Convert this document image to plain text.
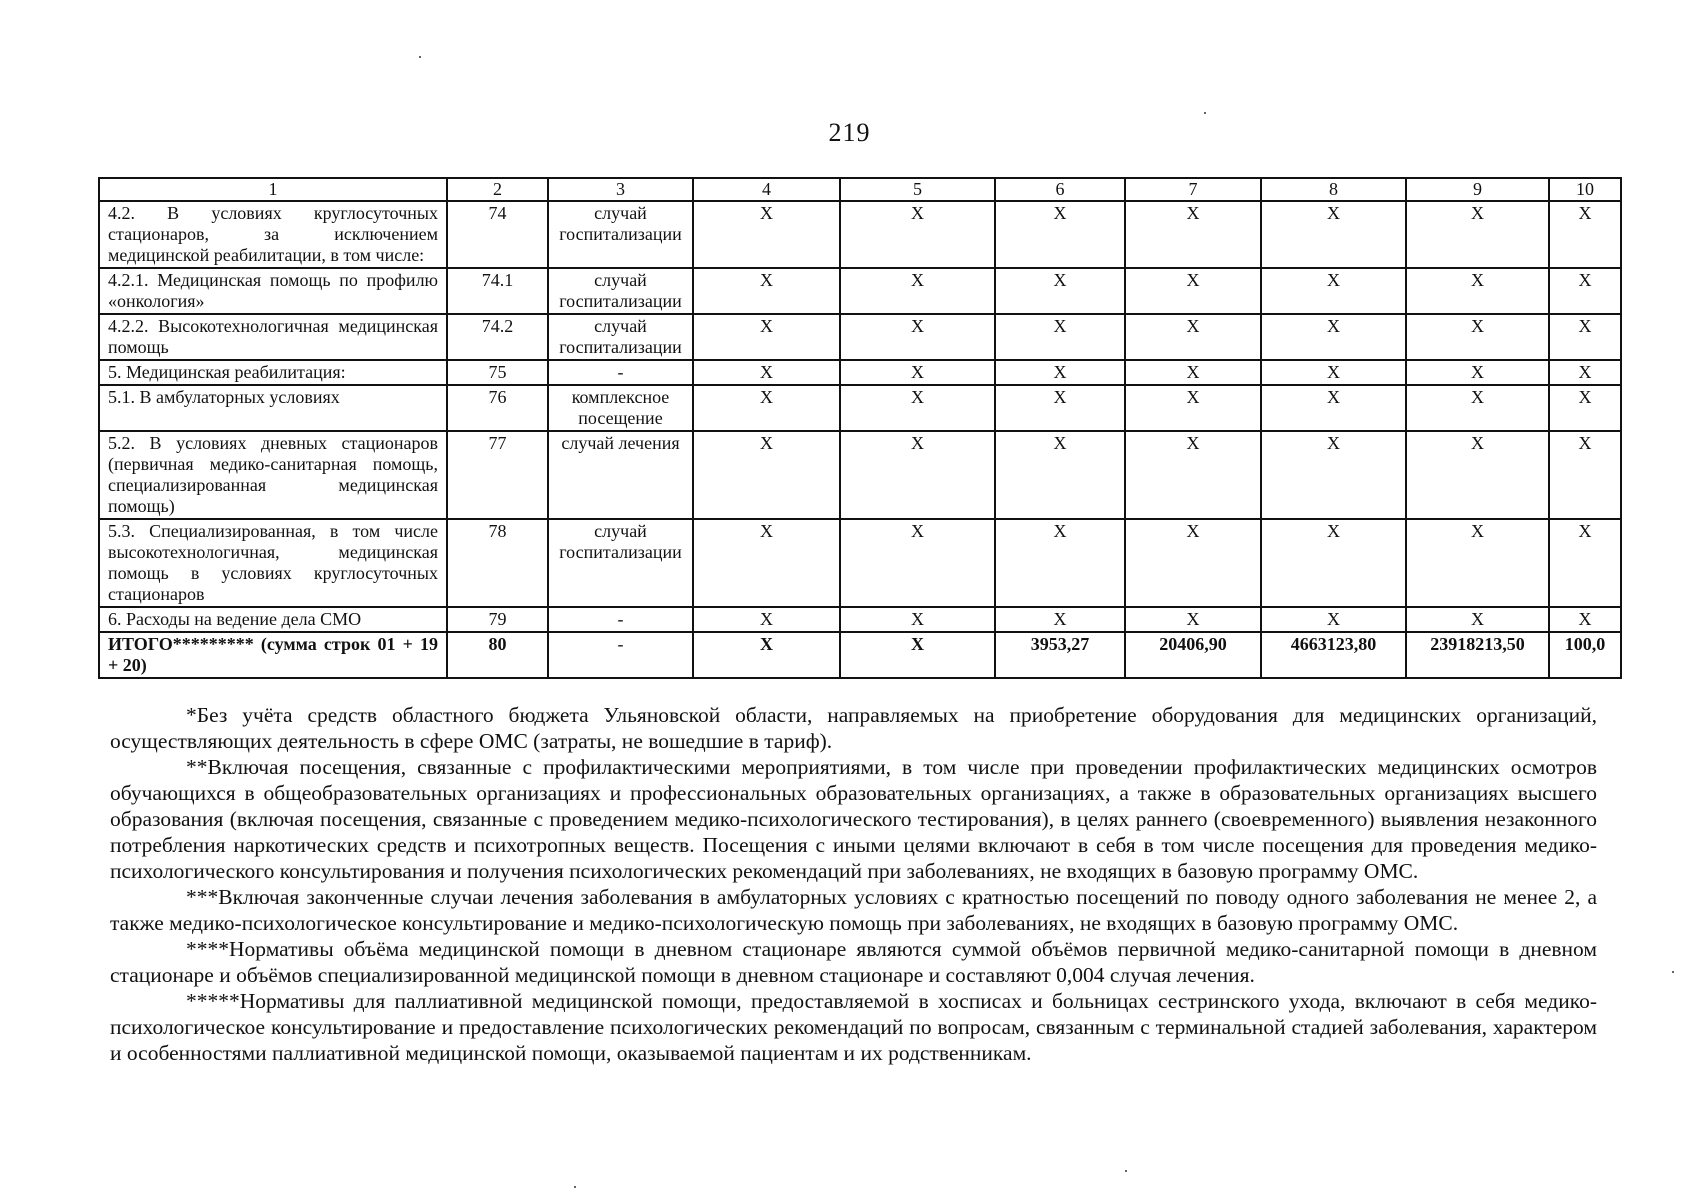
219
1	2	3	4	5	6	7	8	9	10
4.2. В условиях круглосуточных стационаров, за исключением медицинской реабилитации, в том числе:	74	случай госпитализации	Х	Х	Х	Х	Х	Х	Х
4.2.1. Медицинская помощь по профилю «онкология»	74.1	случай госпитализации	Х	Х	Х	Х	Х	Х	Х
4.2.2. Высокотехнологичная медицинская помощь	74.2	случай госпитализации	Х	Х	Х	Х	Х	Х	Х
5. Медицинская реабилитация:	75	-	Х	Х	Х	Х	Х	Х	Х
5.1. В амбулаторных условиях	76	комплексное посещение	Х	Х	Х	Х	Х	Х	Х
5.2. В условиях дневных стационаров (первичная медико-санитарная помощь, специализированная медицинская помощь)	77	случай лечения	Х	Х	Х	Х	Х	Х	Х
5.3. Специализированная, в том числе высокотехнологичная, медицинская помощь в условиях круглосуточных стационаров	78	случай госпитализации	Х	Х	Х	Х	Х	Х	Х
6. Расходы на ведение дела СМО	79	-	Х	Х	Х	Х	Х	Х	Х
ИТОГО********* (сумма строк 01 + 19 + 20)	80	-	Х	Х	3953,27	20406,90	4663123,80	23918213,50	100,0

*Без учёта средств областного бюджета Ульяновской области, направляемых на приобретение оборудования для медицинских организаций, осуществляющих деятельность в сфере ОМС (затраты, не вошедшие в тариф).

**Включая посещения, связанные с профилактическими мероприятиями, в том числе при проведении профилактических медицинских осмотров обучающихся в общеобразовательных организациях и профессиональных образовательных организациях, а также в образовательных организациях высшего образования (включая посещения, связанные с проведением медико-психологического тестирования), в целях раннего (своевременного) выявления незаконного потребления наркотических средств и психотропных веществ. Посещения с иными целями включают в себя в том числе посещения для проведения медико-психологического консультирования и получения психологических рекомендаций при заболеваниях, не входящих в базовую программу ОМС.

***Включая законченные случаи лечения заболевания в амбулаторных условиях с кратностью посещений по поводу одного заболевания не менее 2, а также медико-психологическое консультирование и медико-психологическую помощь при заболеваниях, не входящих в базовую программу ОМС.

****Нормативы объёма медицинской помощи в дневном стационаре являются суммой объёмов первичной медико-санитарной помощи в дневном стационаре и объёмов специализированной медицинской помощи в дневном стационаре и составляют 0,004 случая лечения.

*****Нормативы для паллиативной медицинской помощи, предоставляемой в хосписах и больницах сестринского ухода, включают в себя медико-психологическое консультирование и предоставление психологических рекомендаций по вопросам, связанным с терминальной стадией заболевания, характером и особенностями паллиативной медицинской помощи, оказываемой пациентам и их родственникам.
